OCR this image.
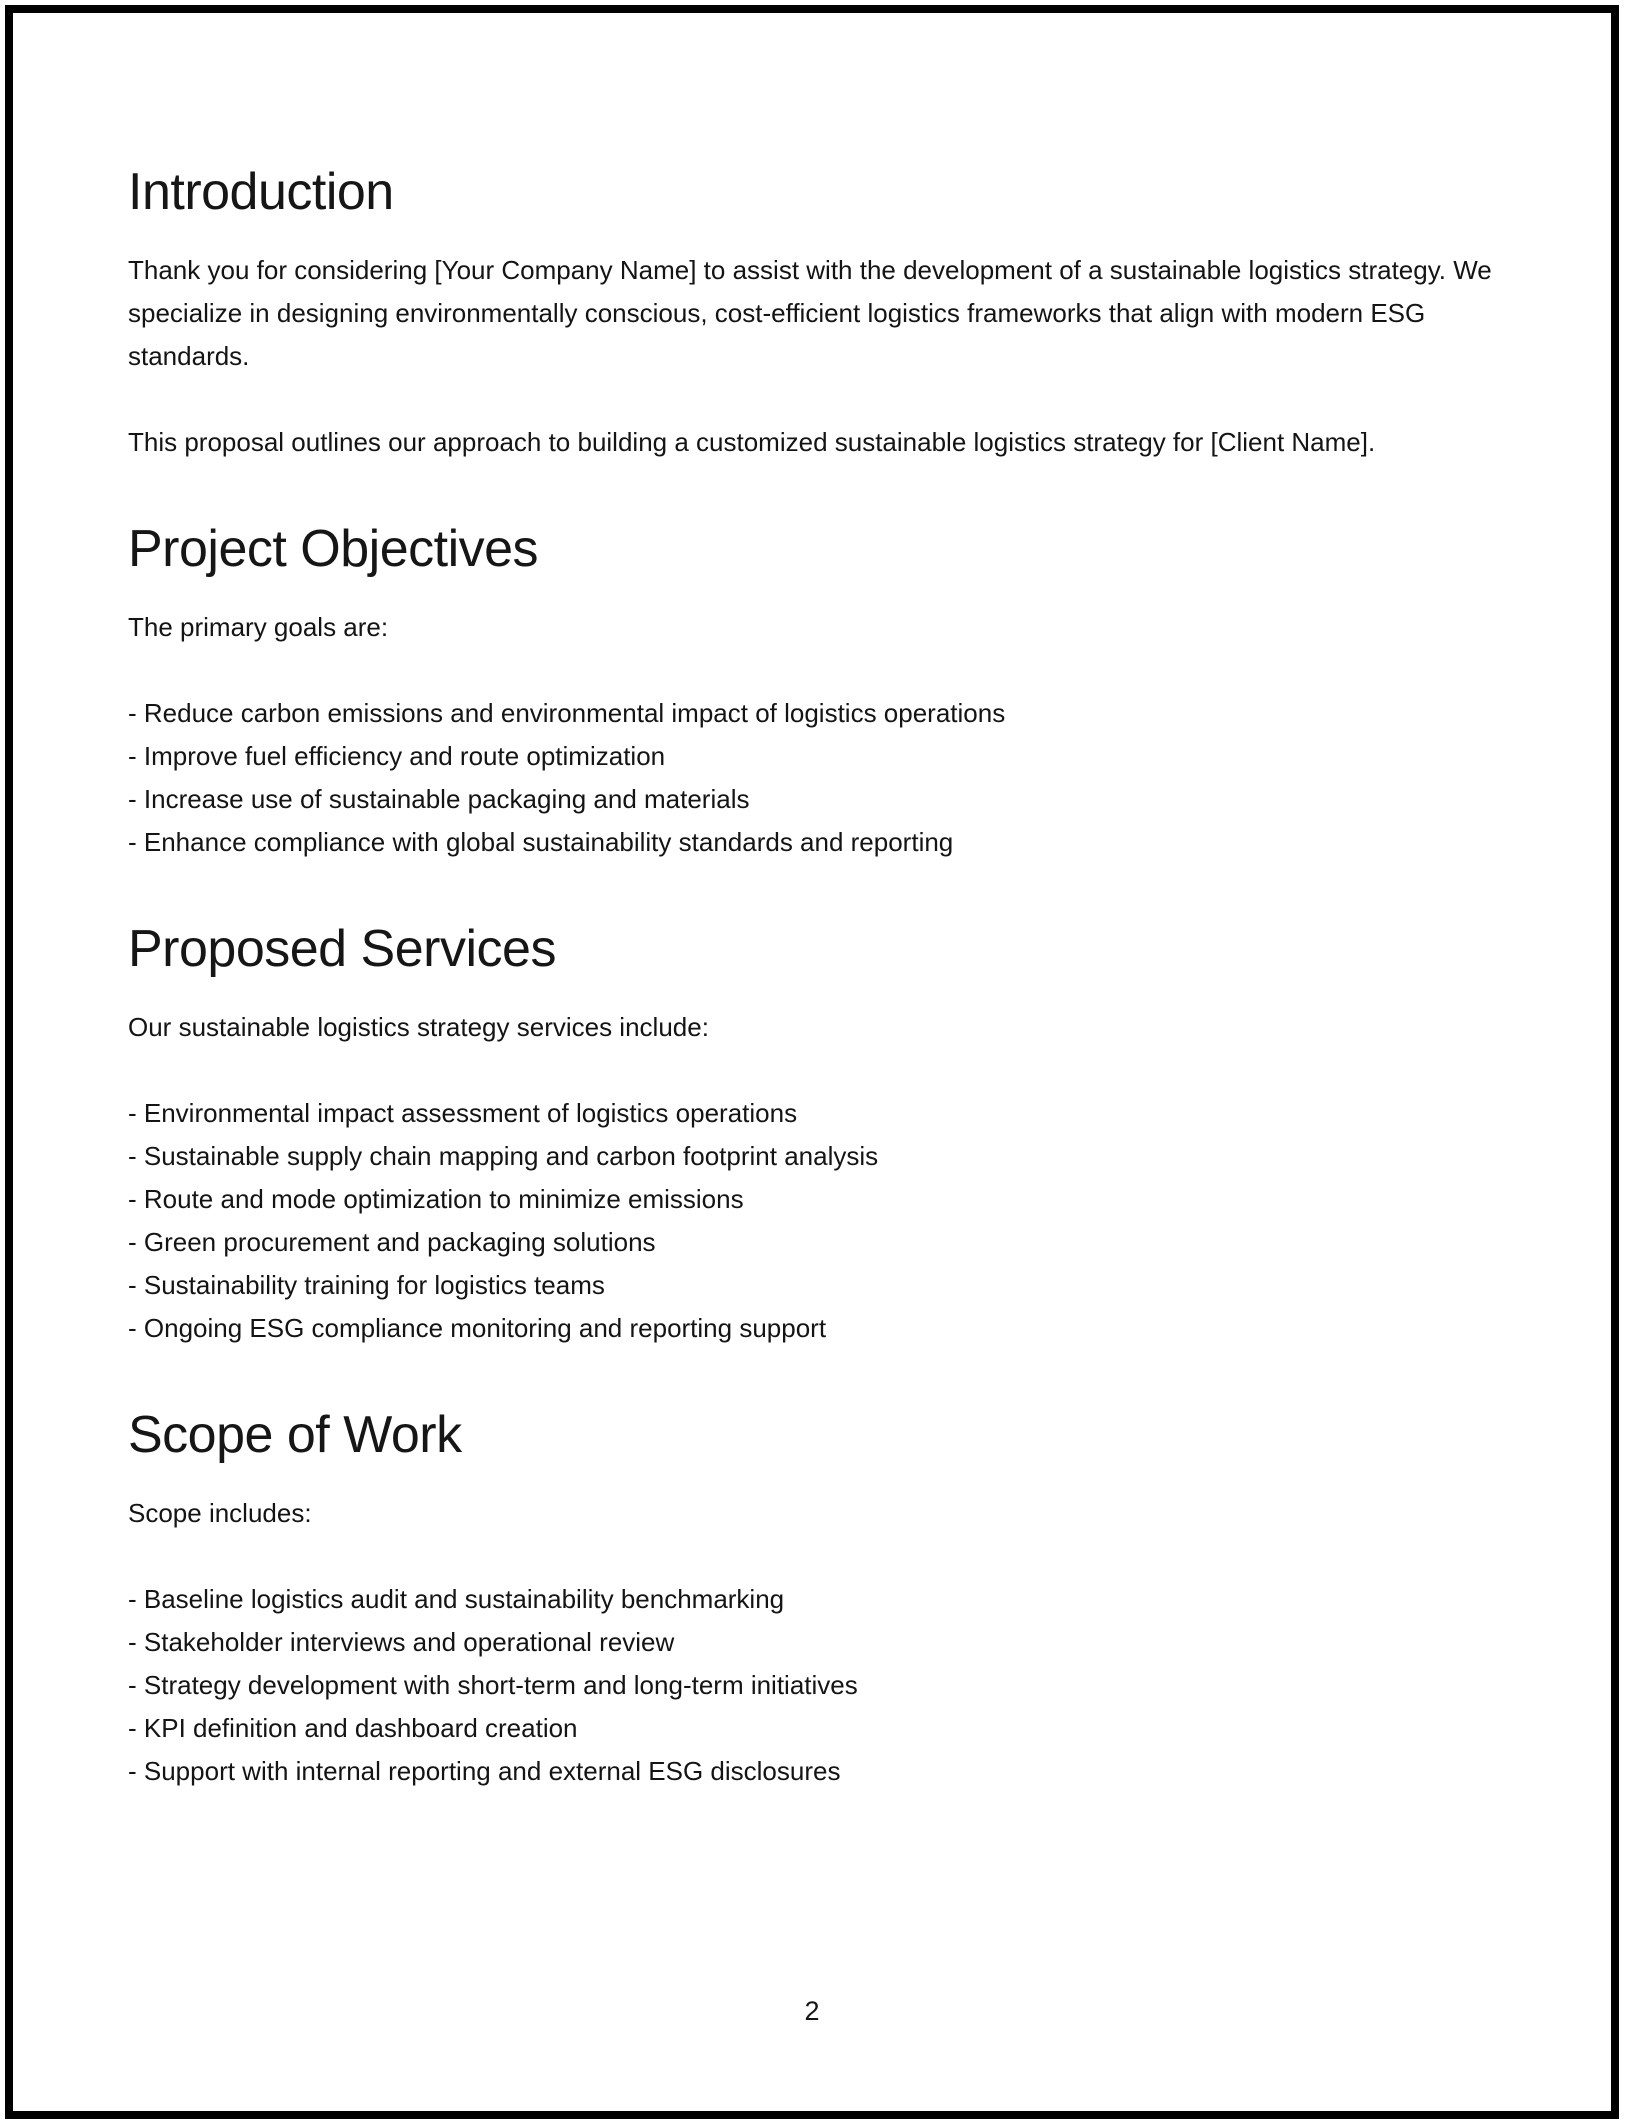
Introduction

Thank you for considering [Your Company Name] to assist with the development of a sustainable logistics strategy. We specialize in designing environmentally conscious, cost-efficient logistics frameworks that align with modern ESG standards.

This proposal outlines our approach to building a customized sustainable logistics strategy for [Client Name].

Project Objectives

The primary goals are:

- Reduce carbon emissions and environmental impact of logistics operations
- Improve fuel efficiency and route optimization
- Increase use of sustainable packaging and materials
- Enhance compliance with global sustainability standards and reporting
Proposed Services

Our sustainable logistics strategy services include:

- Environmental impact assessment of logistics operations
- Sustainable supply chain mapping and carbon footprint analysis
- Route and mode optimization to minimize emissions
- Green procurement and packaging solutions
- Sustainability training for logistics teams
- Ongoing ESG compliance monitoring and reporting support
Scope of Work

Scope includes:

- Baseline logistics audit and sustainability benchmarking
- Stakeholder interviews and operational review
- Strategy development with short-term and long-term initiatives
- KPI definition and dashboard creation
- Support with internal reporting and external ESG disclosures
2
